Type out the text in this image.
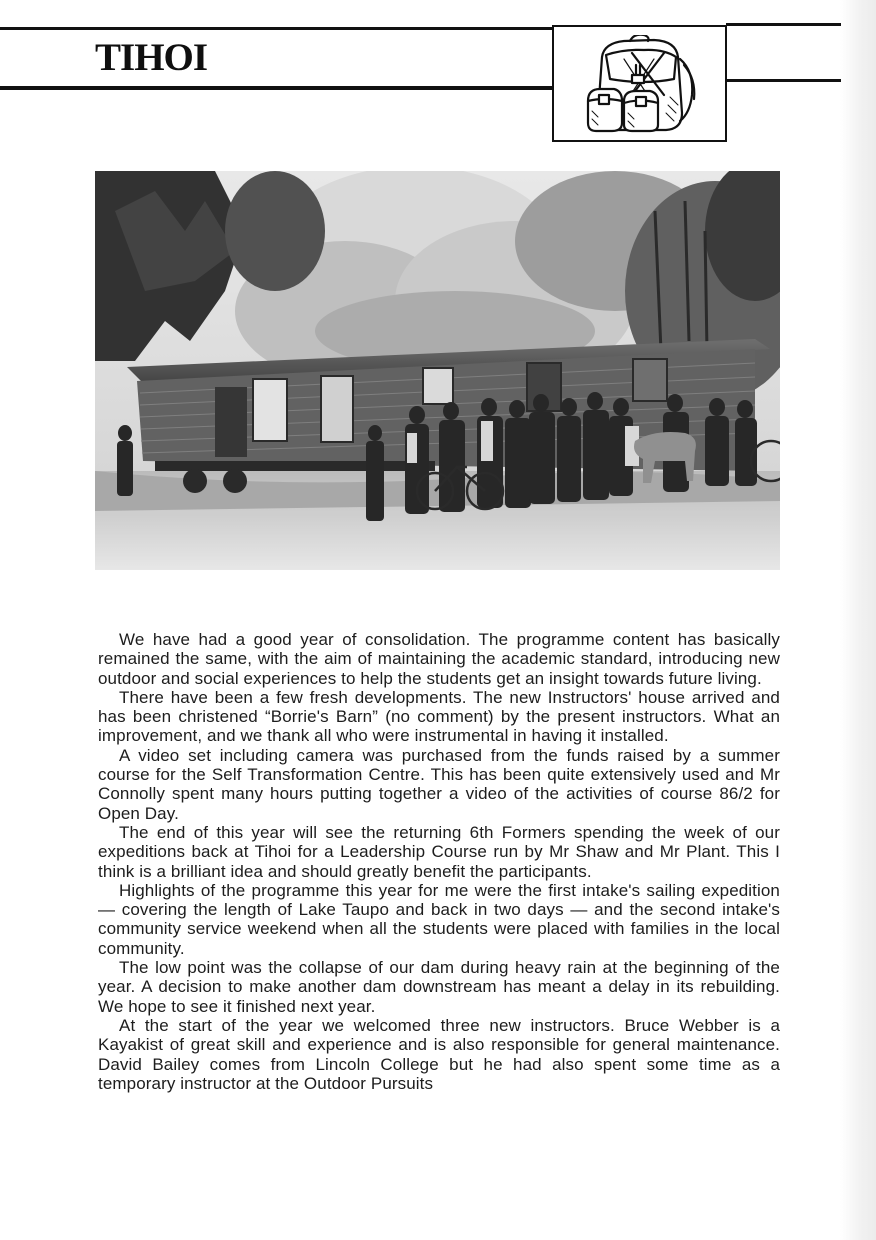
TIHOI

We have had a good year of consolidation. The programme content has basically remained the same, with the aim of maintaining the academic standard, introducing new outdoor and social experiences to help the students get an insight towards future living.

There have been a few fresh developments. The new Instructors' house arrived and has been christened “Borrie's Barn” (no comment) by the present instructors. What an improvement, and we thank all who were instrumental in having it installed.

A video set including camera was purchased from the funds raised by a summer course for the Self Transformation Centre. This has been quite extensively used and Mr Connolly spent many hours putting together a video of the activities of course 86/2 for Open Day.

The end of this year will see the returning 6th Formers spending the week of our expeditions back at Tihoi for a Leadership Course run by Mr Shaw and Mr Plant. This I think is a brilliant idea and should greatly benefit the participants.

Highlights of the programme this year for me were the first intake's sailing expedition — covering the length of Lake Taupo and back in two days — and the second intake's community service weekend when all the students were placed with families in the local community.

The low point was the collapse of our dam during heavy rain at the beginning of the year. A decision to make another dam downstream has meant a delay in its rebuilding. We hope to see it finished next year.

At the start of the year we welcomed three new instructors. Bruce Webber is a Kayakist of great skill and experience and is also responsible for general maintenance. David Bailey comes from Lincoln College but he had also spent some time as a temporary instructor at the Outdoor Pursuits
